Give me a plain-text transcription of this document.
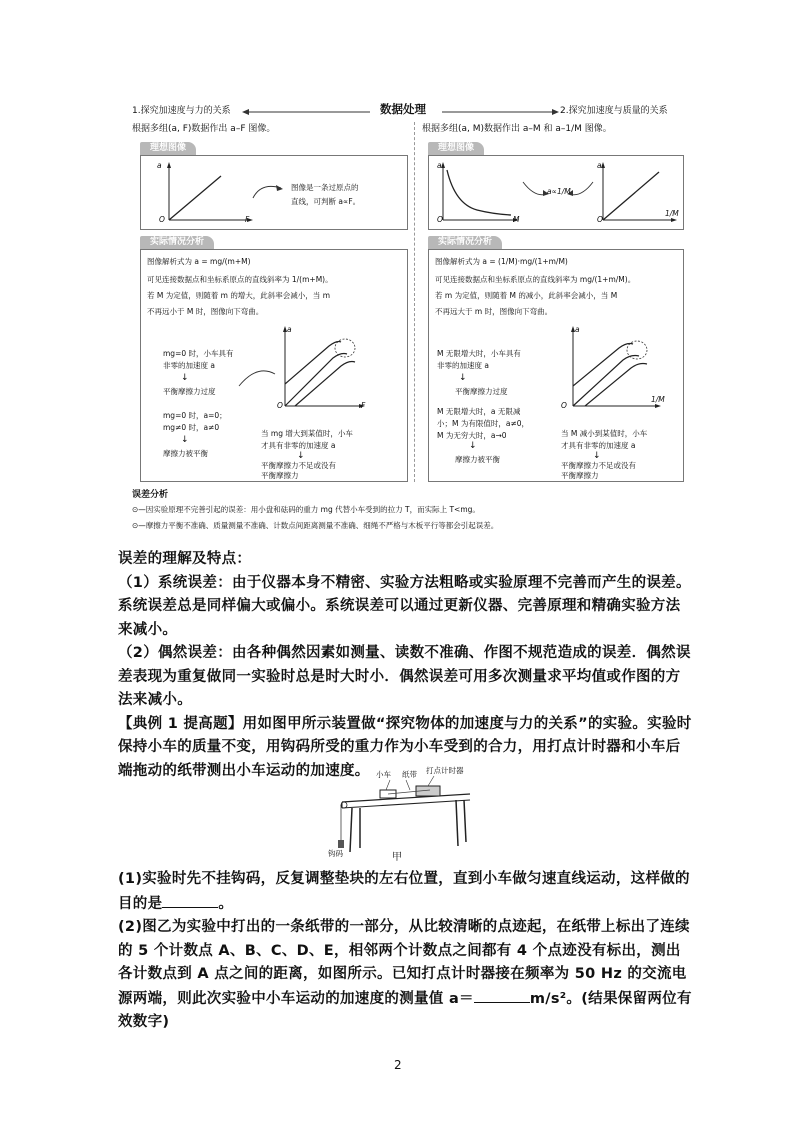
1.探究加速度与力的关系	数据处理	2.探究加速度与质量的关系
根据多组(a, F)数据作出 a–F 图像。
理想图像
a
O	F
图像是一条过原点的
直线，可判断 a∝F。
实际情况分析
图像解析式为 a = mg/(m+M)
可见连接数据点和坐标系原点的直线斜率为 1/(m+M)。
若 M 为定值，则随着 m 的增大，此斜率会减小，当 m
不再远小于 M 时，图像向下弯曲。
a
O	F
mg=0 时，小车具有
非零的加速度 a
↓
平衡摩擦力过度
mg=0 时，a=0；
mg≠0 时，a≠0
↓
摩擦力被平衡
当 mg 增大到某值时，小车
才具有非零的加速度 a
↓
平衡摩擦力不足或没有
平衡摩擦力
根据多组(a, M)数据作出 a–M 和 a–1/M 图像。
理想图像
a
O	M
a∝1/M
a
O
1/M
实际情况分析
图像解析式为 a = (1/M)·mg/(1+m/M)
可见连接数据点和坐标系原点的直线斜率为 mg/(1+m/M)。
若 m 为定值，则随着 M 的减小，此斜率会减小，当 M
不再远大于 m 时，图像向下弯曲。
a
O
1/M
M 无限增大时，小车具有
非零的加速度 a
↓
平衡摩擦力过度
M 无限增大时，a 无限减
小；M 为有限值时，a≠0，
M 为无穷大时，a→0
↓
摩擦力被平衡
当 M 减小到某值时，小车
才具有非零的加速度 a
↓
平衡摩擦力不足或没有
平衡摩擦力
误差分析
⊙—因实验原理不完善引起的误差：用小盘和砝码的重力 mg 代替小车受到的拉力 T，而实际上 T<mg。
⊙—摩擦力平衡不准确、质量测量不准确、计数点间距离测量不准确、细绳不严格与木板平行等都会引起误差。

误差的理解及特点：

（1）系统误差：由于仪器本身不精密、实验方法粗略或实验原理不完善而产生的误差。系统误差总是同样偏大或偏小。系统误差可以通过更新仪器、完善原理和精确实验方法来减小。

（2）偶然误差：由各种偶然因素如测量、读数不准确、作图不规范造成的误差．偶然误差表现为重复做同一实验时总是时大时小．偶然误差可用多次测量求平均值或作图的方法来减小。

【典例 1 提高题】用如图甲所示装置做“探究物体的加速度与力的关系”的实验。实验时保持小车的质量不变，用钩码所受的重力作为小车受到的合力，用打点计时器和小车后端拖动的纸带测出小车运动的加速度。 小车 纸带 打点计时器
钩码	甲

(1)实验时先不挂钩码，反复调整垫块的左右位置，直到小车做匀速直线运动，这样做的目的是	。

(2)图乙为实验中打出的一条纸带的一部分，从比较清晰的点迹起，在纸带上标出了连续的 5 个计数点 A、B、C、D、E，相邻两个计数点之间都有 4 个点迹没有标出，测出各计数点到 A 点之间的距离，如图所示。已知打点计时器接在频率为 50 Hz 的交流电源两端，则此次实验中小车运动的加速度的测量值 a＝	m/s²。(结果保留两位有效数字)

2
